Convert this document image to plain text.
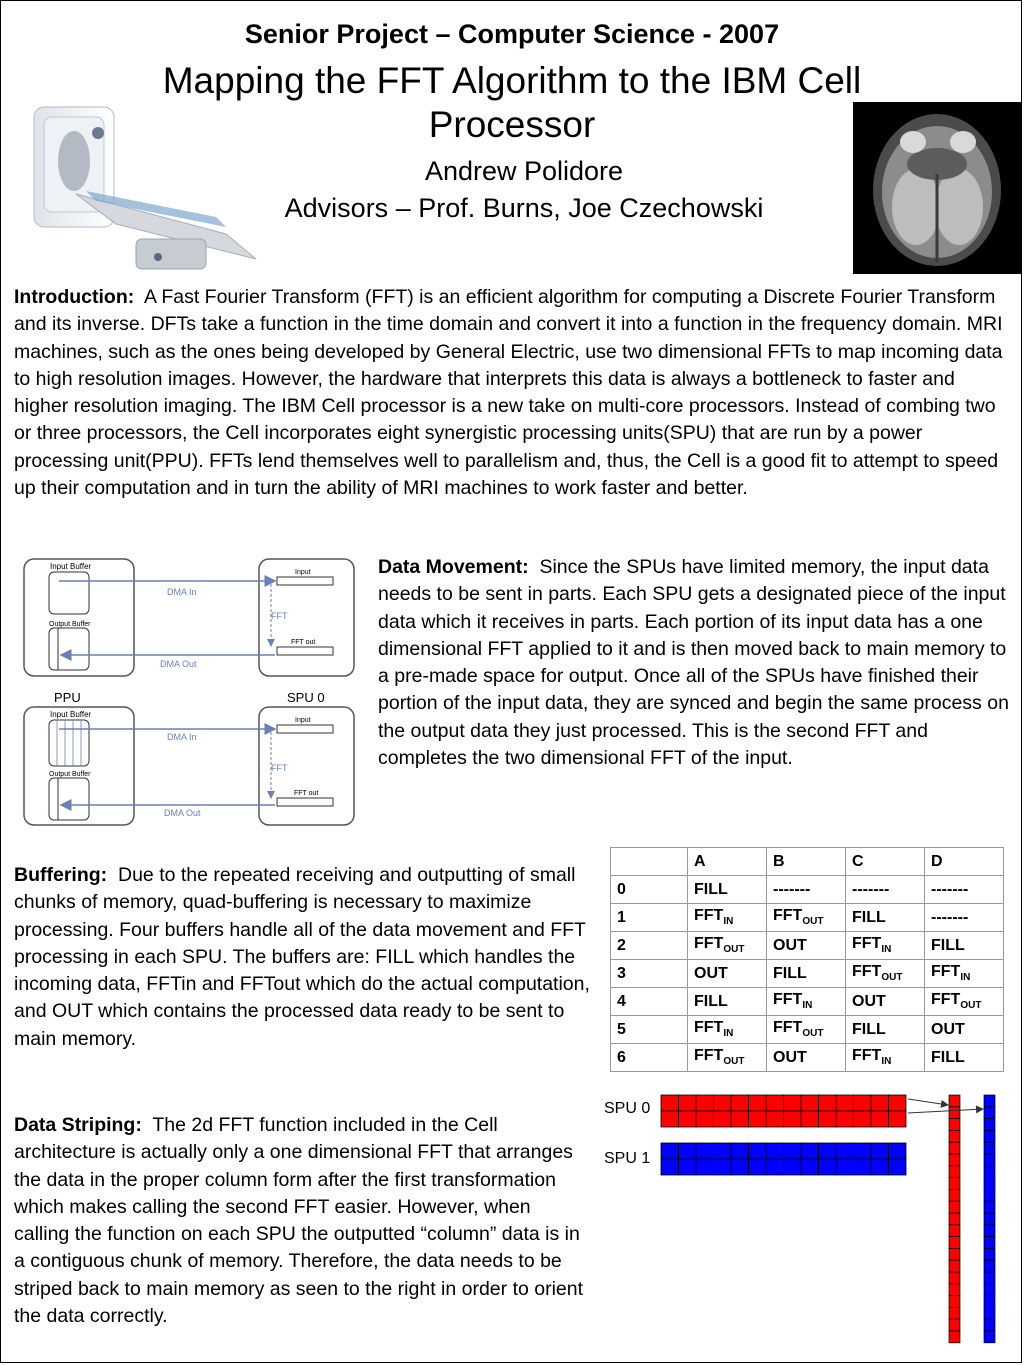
Senior Project – Computer Science - 2007
Mapping the FFT Algorithm to the IBM Cell
Processor
Andrew Polidore
Advisors – Prof. Burns, Joe Czechowski
Introduction: A Fast Fourier Transform (FFT) is an efficient algorithm for computing a Discrete Fourier Transform and its inverse. DFTs take a function in the time domain and convert it into a function in the frequency domain. MRI machines, such as the ones being developed by General Electric, use two dimensional FFTs to map incoming data to high resolution images. However, the hardware that interprets this data is always a bottleneck to faster and higher resolution imaging. The IBM Cell processor is a new take on multi-core processors. Instead of combing two or three processors, the Cell incorporates eight synergistic processing units(SPU) that are run by a power processing unit(PPU). FFTs lend themselves well to parallelism and, thus, the Cell is a good fit to attempt to speed up their computation and in turn the ability of MRI machines to work faster and better.
Input Buffer
Output Buffer
Input
FFT out
FFT
DMA In
DMA Out
PPU	SPU 0
Input Buffer
Output Buffer
Input
FFT out
FFT
DMA In
DMA Out
Data Movement: Since the SPUs have limited memory, the input data needs to be sent in parts. Each SPU gets a designated piece of the input data which it receives in parts. Each portion of its input data has a one dimensional FFT applied to it and is then moved back to main memory to a pre-made space for output. Once all of the SPUs have finished their portion of the input data, they are synced and begin the same process on the output data they just processed. This is the second FFT and completes the two dimensional FFT of the input.
Buffering: Due to the repeated receiving and outputting of small chunks of memory, quad-buffering is necessary to maximize processing. Four buffers handle all of the data movement and FFT processing in each SPU. The buffers are: FILL which handles the incoming data, FFTin and FFTout which do the actual computation, and OUT which contains the processed data ready to be sent to main memory.
	A	B	C	D
0	FILL	-------	-------	-------
1	$FFT_{IN}$	$FFT_{OUT}$	FILL	-------
2	$FFT_{OUT}$	OUT	$FFT_{IN}$	FILL
3	OUT	FILL	$FFT_{OUT}$	$FFT_{IN}$
4	FILL	$FFT_{IN}$	OUT	$FFT_{OUT}$
5	$FFT_{IN}$	$FFT_{OUT}$	FILL	OUT
6	$FFT_{OUT}$	OUT	$FFT_{IN}$	FILL
Data Striping: The 2d FFT function included in the Cell architecture is actually only a one dimensional FFT that arranges the data in the proper column form after the first transformation which makes calling the second FFT easier. However, when calling the function on each SPU the outputted “column” data is in a contiguous chunk of memory. Therefore, the data needs to be striped back to main memory as seen to the right in order to orient the data correctly.
SPU 0
SPU 1
